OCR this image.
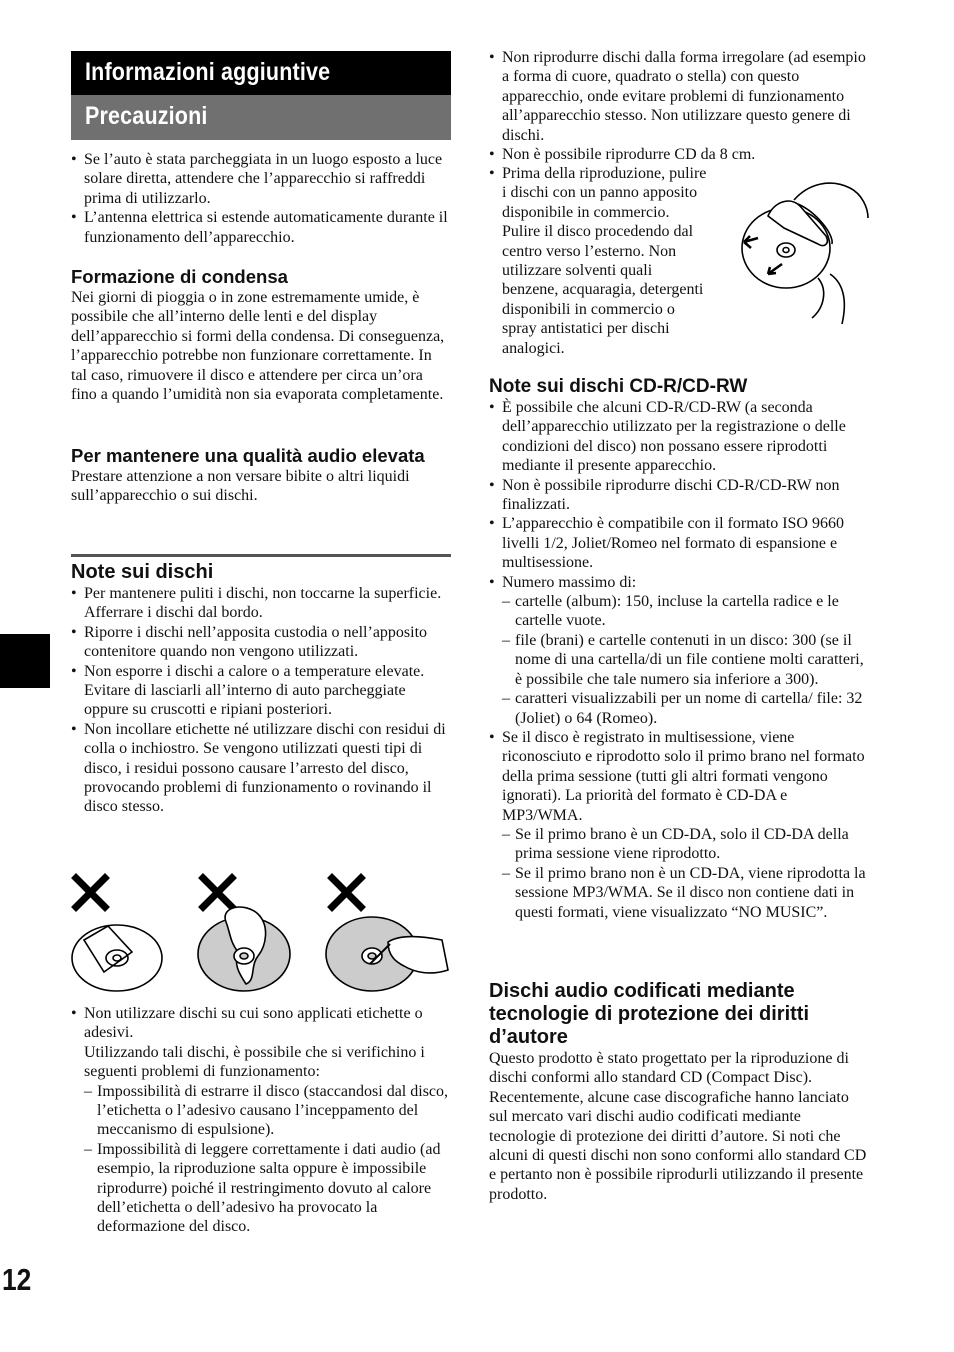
Informazioni aggiuntive
Precauzioni
12
• Se l’auto è stata parcheggiata in un luogo esposto a luce solare diretta, attendere che l’apparecchio si raffreddi prima di utilizzarlo.
• L’antenna elettrica si estende automaticamente durante il funzionamento dell’apparecchio.
Formazione di condensa

Nei giorni di pioggia o in zone estremamente umide, è possibile che all’interno delle lenti e del display dell’apparecchio si formi della condensa. Di conseguenza, l’apparecchio potrebbe non funzionare correttamente. In tal caso, rimuovere il disco e attendere per circa un’ora fino a quando l’umidità non sia evaporata completamente.

Per mantenere una qualità audio elevata

Prestare attenzione a non versare bibite o altri liquidi sull’apparecchio o sui dischi.

Note sui dischi
• Per mantenere puliti i dischi, non toccarne la superficie. Afferrare i dischi dal bordo.
• Riporre i dischi nell’apposita custodia o nell’apposito contenitore quando non vengono utilizzati.
• Non esporre i dischi a calore o a temperature elevate. Evitare di lasciarli all’interno di auto parcheggiate oppure su cruscotti e ripiani posteriori.
• Non incollare etichette né utilizzare dischi con residui di colla o inchiostro. Se vengono utilizzati questi tipi di disco, i residui possono causare l’arresto del disco, provocando problemi di funzionamento o rovinando il disco stesso.
• Non utilizzare dischi su cui sono applicati etichette o adesivi.

Utilizzando tali dischi, è possibile che si verifichino i seguenti problemi di funzionamento:

– Impossibilità di estrarre il disco (staccandosi dal disco, l’etichetta o l’adesivo causano l’inceppamento del meccanismo di espulsione).
– Impossibilità di leggere correttamente i dati audio (ad esempio, la riproduzione salta oppure è impossibile riprodurre) poiché il restringimento dovuto al calore dell’etichetta o dell’adesivo ha provocato la deformazione del disco.
• Non riprodurre dischi dalla forma irregolare (ad esempio a forma di cuore, quadrato o stella) con questo apparecchio, onde evitare problemi di funzionamento all’apparecchio stesso. Non utilizzare questo genere di dischi.
• Non è possibile riprodurre CD da 8 cm.
• Prima della riproduzione, pulire
i dischi con un panno apposito
disponibile in commercio.
Pulire il disco procedendo dal
centro verso l’esterno. Non
utilizzare solventi quali
benzene, acquaragia, detergenti
disponibili in commercio o
spray antistatici per dischi
analogici.
Note sui dischi CD-R/CD-RW
• È possibile che alcuni CD-R/CD-RW (a seconda dell’apparecchio utilizzato per la registrazione o delle condizioni del disco) non possano essere riprodotti mediante il presente apparecchio.
• Non è possibile riprodurre dischi CD-R/CD-RW non finalizzati.
• L’apparecchio è compatibile con il formato ISO 9660 livelli 1/2, Joliet/Romeo nel formato di espansione e multisessione.
• Numero massimo di:
– cartelle (album): 150, incluse la cartella radice e le cartelle vuote.
– file (brani) e cartelle contenuti in un disco: 300 (se il nome di una cartella/di un file contiene molti caratteri, è possibile che tale numero sia inferiore a 300).
– caratteri visualizzabili per un nome di cartella/ file: 32 (Joliet) o 64 (Romeo).
• Se il disco è registrato in multisessione, viene riconosciuto e riprodotto solo il primo brano nel formato della prima sessione (tutti gli altri formati vengono ignorati). La priorità del formato è CD-DA e MP3/WMA.
– Se il primo brano è un CD-DA, solo il CD-DA della prima sessione viene riprodotto.
– Se il primo brano non è un CD-DA, viene riprodotta la sessione MP3/WMA. Se il disco non contiene dati in questi formati, viene visualizzato “NO MUSIC”.
Dischi audio codificati mediante tecnologie di protezione dei diritti d’autore

Questo prodotto è stato progettato per la riproduzione di dischi conformi allo standard CD (Compact Disc).

Recentemente, alcune case discografiche hanno lanciato sul mercato vari dischi audio codificati mediante tecnologie di protezione dei diritti d’autore. Si noti che alcuni di questi dischi non sono conformi allo standard CD e pertanto non è possibile riprodurli utilizzando il presente prodotto.
